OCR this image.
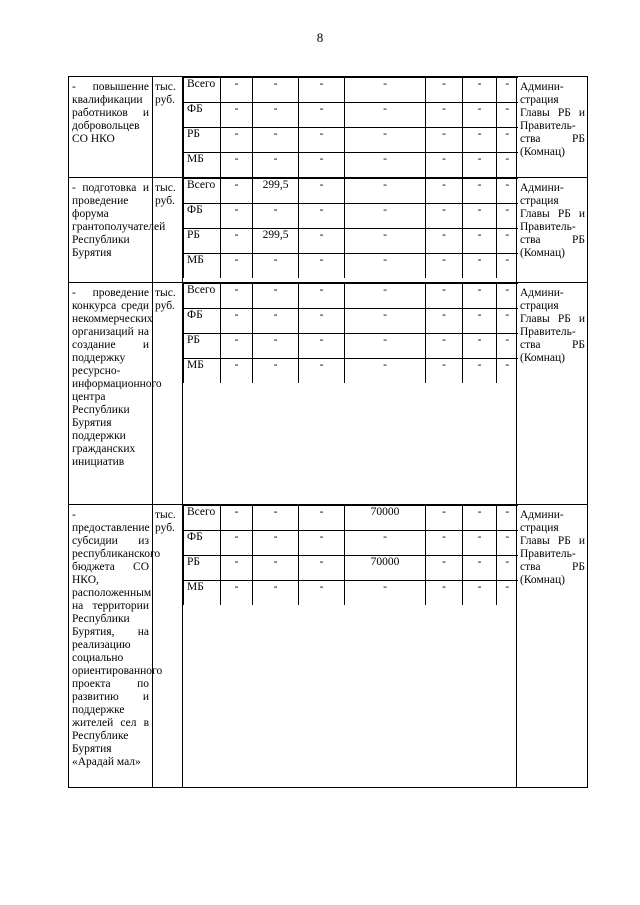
8
- повышение квалификации работников и добровольцев СО НКО	тыс. руб.	
Всего	-	-	-	-	-	-	-
ФБ	-	-	-	-	-	-	-
РБ	-	-	-	-	-	-	-
МБ	-	-	-	-	-	-	-

Админи-
страция
Главы РБ и
Правитель-
ства	РБ
(Комнац)

- подготовка и проведение форума грантополучателей Республики Бурятия	тыс. руб.	
Всего	-	299,5	-	-	-	-	-
ФБ	-	-	-	-	-	-	-
РБ	-	299,5	-	-	-	-	-
МБ	-	-	-	-	-	-	-

Админи-
страция
Главы РБ и
Правитель-
ства	РБ
(Комнац)

- проведение конкурса среди некоммерческих организаций на создание и поддержку ресурсно-информационного центра Республики Бурятия поддержки гражданских инициатив	тыс. руб.	
Всего	-	-	-	-	-	-	-
ФБ	-	-	-	-	-	-	-
РБ	-	-	-	-	-	-	-
МБ	-	-	-	-	-	-	-

Админи-
страция
Главы РБ и
Правитель-
ства	РБ
(Комнац)

- предоставление субсидии из республиканского бюджета СО НКО, расположенным на территории Республики Бурятия, на реализацию социально ориентированного проекта по развитию и поддержке жителей сел в Республике Бурятия «Арадай мал»	тыс. руб.	
Всего	-	-	-	70000	-	-	-
ФБ	-	-	-	-	-	-	-
РБ	-	-	-	70000	-	-	-
МБ	-	-	-	-	-	-	-

Админи-
страция
Главы РБ и
Правитель-
ства	РБ
(Комнац)
